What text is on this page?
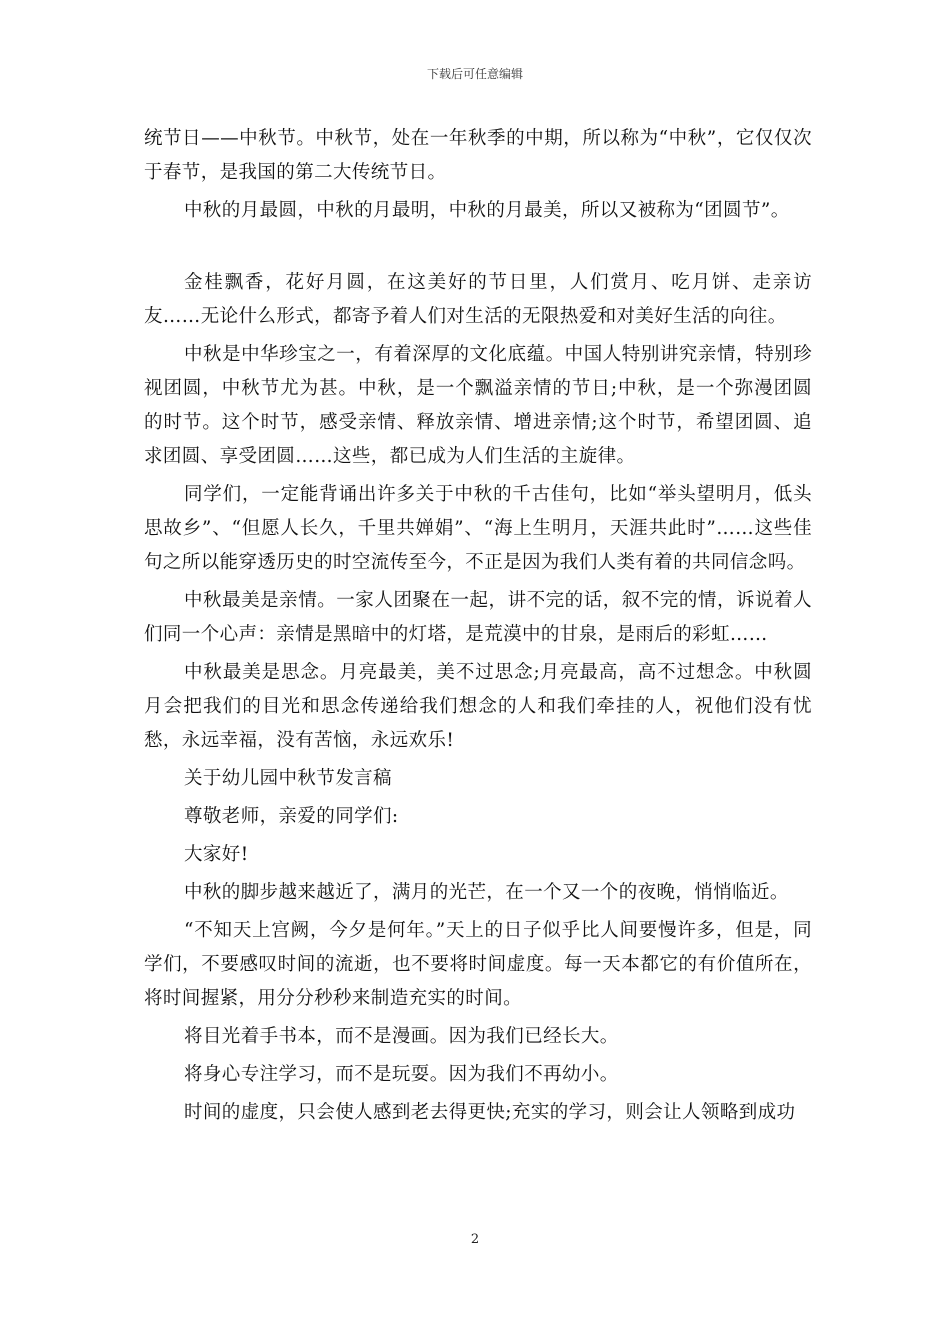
下载后可任意编辑

统节日——中秋节。中秋节，处在一年秋季的中期，所以称为“中秋”，它仅仅次于春节，是我国的第二大传统节日。

中秋的月最圆，中秋的月最明，中秋的月最美，所以又被称为“团圆节”。

金桂飘香，花好月圆，在这美好的节日里，人们赏月、吃月饼、走亲访友……无论什么形式，都寄予着人们对生活的无限热爱和对美好生活的向往。

中秋是中华珍宝之一，有着深厚的文化底蕴。中国人特别讲究亲情，特别珍视团圆，中秋节尤为甚。中秋，是一个飘溢亲情的节日;中秋，是一个弥漫团圆的时节。这个时节，感受亲情、释放亲情、增进亲情;这个时节，希望团圆、追求团圆、享受团圆……这些，都已成为人们生活的主旋律。

同学们，一定能背诵出许多关于中秋的千古佳句，比如“举头望明月，低头思故乡”、“但愿人长久，千里共婵娟”、“海上生明月，天涯共此时”……这些佳句之所以能穿透历史的时空流传至今，不正是因为我们人类有着的共同信念吗。

中秋最美是亲情。一家人团聚在一起，讲不完的话，叙不完的情，诉说着人们同一个心声：亲情是黑暗中的灯塔，是荒漠中的甘泉，是雨后的彩虹……

中秋最美是思念。月亮最美，美不过思念;月亮最高，高不过想念。中秋圆月会把我们的目光和思念传递给我们想念的人和我们牵挂的人，祝他们没有忧愁，永远幸福，没有苦恼，永远欢乐!

关于幼儿园中秋节发言稿

尊敬老师，亲爱的同学们:

大家好!

中秋的脚步越来越近了，满月的光芒，在一个又一个的夜晚，悄悄临近。

“不知天上宫阙，今夕是何年。”天上的日子似乎比人间要慢许多，但是，同学们，不要感叹时间的流逝，也不要将时间虚度。每一天本都它的有价值所在，将时间握紧，用分分秒秒来制造充实的时间。

将目光着手书本，而不是漫画。因为我们已经长大。

将身心专注学习，而不是玩耍。因为我们不再幼小。

时间的虚度，只会使人感到老去得更快;充实的学习，则会让人领略到成功

2
